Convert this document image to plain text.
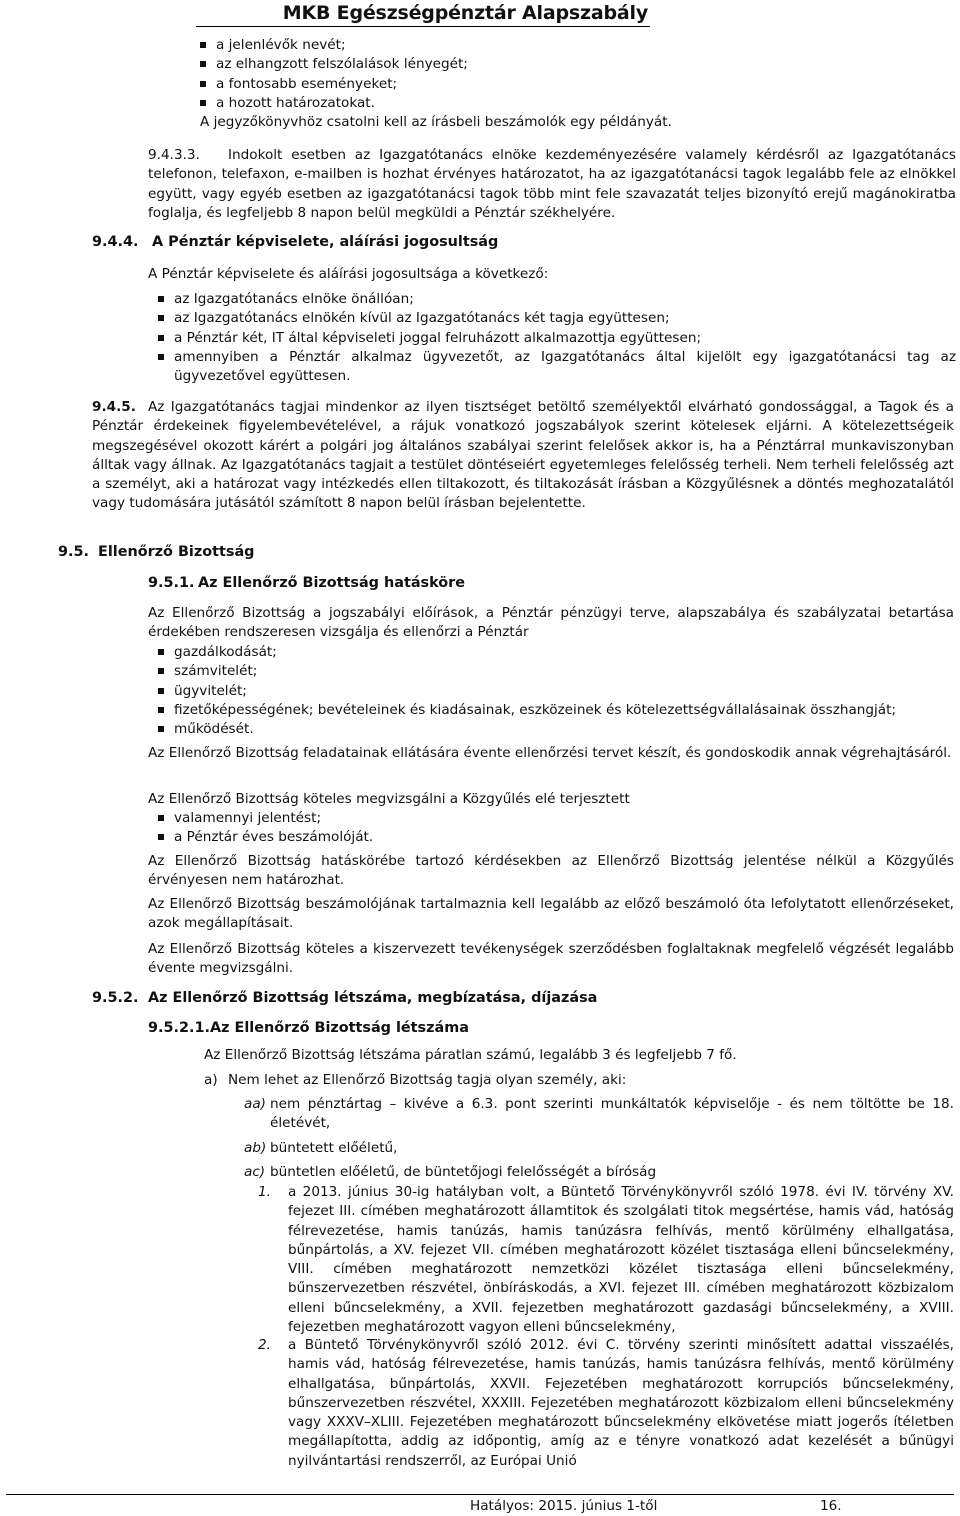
MKB Egészségpénztár Alapszabály
a jelenlévők nevét;
az elhangzott felszólalások lényegét;
a fontosabb eseményeket;
a hozott határozatokat.
A jegyzőkönyvhöz csatolni kell az írásbeli beszámolók egy példányát.
9.4.3.3. Indokolt esetben az Igazgatótanács elnöke kezdeményezésére valamely kérdésről az Igazgatótanács telefonon, telefaxon, e-mailben is hozhat érvényes határozatot, ha az igazgatótanácsi tagok legalább fele az elnökkel együtt, vagy egyéb esetben az igazgatótanácsi tagok több mint fele szavazatát teljes bizonyító erejű magánokiratba foglalja, és legfeljebb 8 napon belül megküldi a Pénztár székhelyére.
9.4.4. A Pénztár képviselete, aláírási jogosultság
A Pénztár képviselete és aláírási jogosultsága a következő:
az Igazgatótanács elnöke önállóan;
az Igazgatótanács elnökén kívül az Igazgatótanács két tagja együttesen;
a Pénztár két, IT által képviseleti joggal felruházott alkalmazottja együttesen;
amennyiben a Pénztár alkalmaz ügyvezetőt, az Igazgatótanács által kijelölt egy igazgatótanácsi tag az ügyvezetővel együttesen.
9.4.5. Az Igazgatótanács tagjai mindenkor az ilyen tisztséget betöltő személyektől elvárható gondossággal, a Tagok és a Pénztár érdekeinek figyelembevételével, a rájuk vonatkozó jogszabályok szerint kötelesek eljárni. A kötelezettségeik megszegésével okozott kárért a polgári jog általános szabályai szerint felelősek akkor is, ha a Pénztárral munkaviszonyban álltak vagy állnak. Az Igazgatótanács tagjait a testület döntéseiért egyetemleges felelősség terheli. Nem terheli felelősség azt a személyt, aki a határozat vagy intézkedés ellen tiltakozott, és tiltakozását írásban a Közgyűlésnek a döntés meghozatalától vagy tudomására jutásától számított 8 napon belül írásban bejelentette.
9.5. Ellenőrző Bizottság
9.5.1. Az Ellenőrző Bizottság hatásköre
Az Ellenőrző Bizottság a jogszabályi előírások, a Pénztár pénzügyi terve, alapszabálya és szabályzatai betartása érdekében rendszeresen vizsgálja és ellenőrzi a Pénztár
gazdálkodását;
számvitelét;
ügyvitelét;
fizetőképességének; bevételeinek és kiadásainak, eszközeinek és kötelezettségvállalásainak összhangját;
működését.
Az Ellenőrző Bizottság feladatainak ellátására évente ellenőrzési tervet készít, és gondoskodik annak végrehajtásáról.
Az Ellenőrző Bizottság köteles megvizsgálni a Közgyűlés elé terjesztett
valamennyi jelentést;
a Pénztár éves beszámolóját.
Az Ellenőrző Bizottság hatáskörébe tartozó kérdésekben az Ellenőrző Bizottság jelentése nélkül a Közgyűlés érvényesen nem határozhat.
Az Ellenőrző Bizottság beszámolójának tartalmaznia kell legalább az előző beszámoló óta lefolytatott ellenőrzéseket, azok megállapításait.
Az Ellenőrző Bizottság köteles a kiszervezett tevékenységek szerződésben foglaltaknak megfelelő végzését legalább évente megvizsgálni.
9.5.2. Az Ellenőrző Bizottság létszáma, megbízatása, díjazása
9.5.2.1.Az Ellenőrző Bizottság létszáma
Az Ellenőrző Bizottság létszáma páratlan számú, legalább 3 és legfeljebb 7 fő.
a) Nem lehet az Ellenőrző Bizottság tagja olyan személy, aki:
aa) nem pénztártag – kivéve a 6.3. pont szerinti munkáltatók képviselője - és nem töltötte be 18. életévét,
ab) büntetett előéletű,
ac) büntetlen előéletű, de büntetőjogi felelősségét a bíróság
1. a 2013. június 30-ig hatályban volt, a Büntető Törvénykönyvről szóló 1978. évi IV. törvény XV. fejezet III. címében meghatározott államtitok és szolgálati titok megsértése, hamis vád, hatóság félrevezetése, hamis tanúzás, hamis tanúzásra felhívás, mentő körülmény elhallgatása, bűnpártolás, a XV. fejezet VII. címében meghatározott közélet tisztasága elleni bűncselekmény, VIII. címében meghatározott nemzetközi közélet tisztasága elleni bűncselekmény, bűnszervezetben részvétel, önbíráskodás, a XVI. fejezet III. címében meghatározott közbizalom elleni bűncselekmény, a XVII. fejezetben meghatározott gazdasági bűncselekmény, a XVIII. fejezetben meghatározott vagyon elleni bűncselekmény,
2. a Büntető Törvénykönyvről szóló 2012. évi C. törvény szerinti minősített adattal visszaélés, hamis vád, hatóság félrevezetése, hamis tanúzás, hamis tanúzásra felhívás, mentő körülmény elhallgatása, bűnpártolás, XXVII. Fejezetében meghatározott korrupciós bűncselekmény, bűnszervezetben részvétel, XXXIII. Fejezetében meghatározott közbizalom elleni bűncselekmény vagy XXXV–XLIII. Fejezetében meghatározott bűncselekmény elkövetése miatt jogerős ítéletben megállapította, addig az időpontig, amíg az e tényre vonatkozó adat kezelését a bűnügyi nyilvántartási rendszerről, az Európai Unió
Hatályos: 2015. június 1-től	16.
